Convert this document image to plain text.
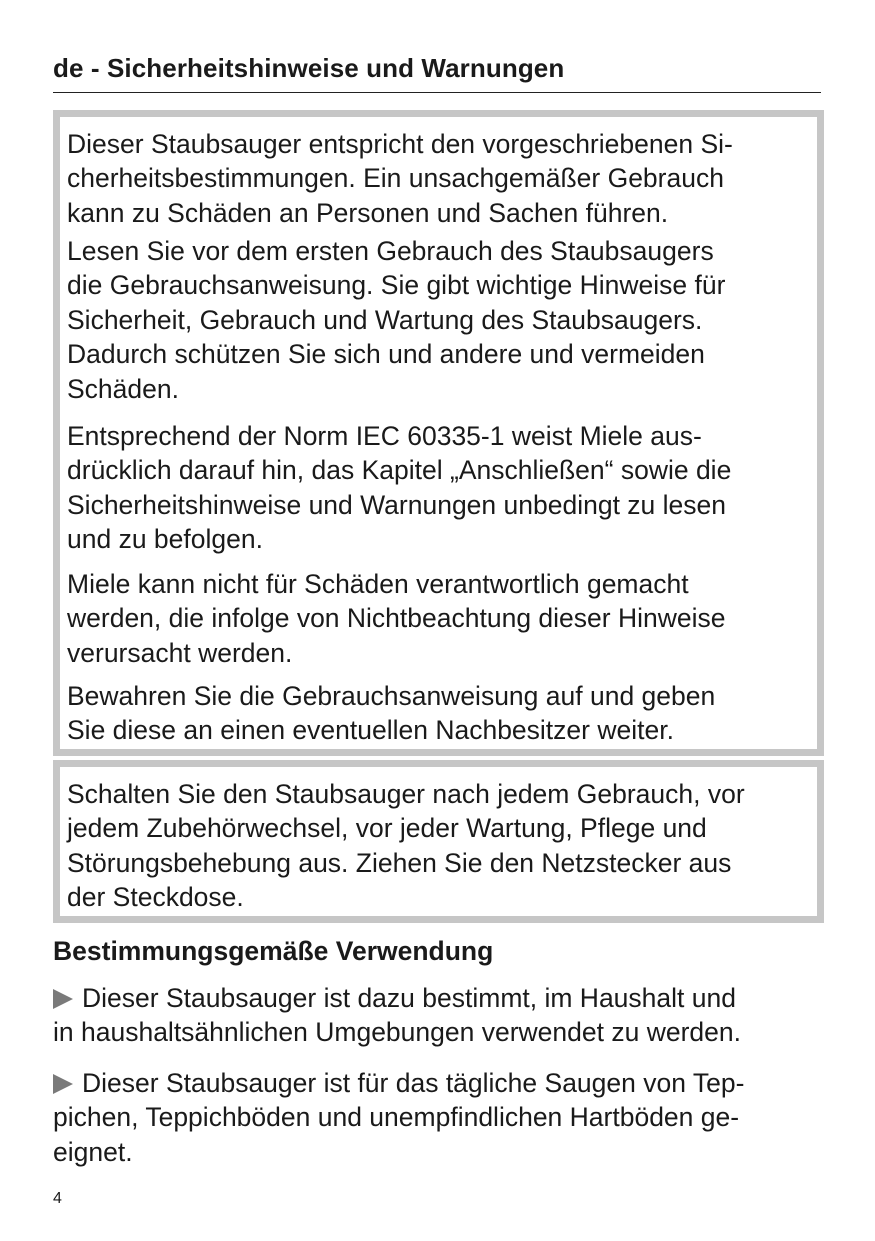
de - Sicherheitshinweise und Warnungen

Dieser Staubsauger entspricht den vorgeschriebenen Si-
cherheitsbestimmungen. Ein unsachgemäßer Gebrauch
kann zu Schäden an Personen und Sachen führen.

Lesen Sie vor dem ersten Gebrauch des Staubsaugers
die Gebrauchsanweisung. Sie gibt wichtige Hinweise für
Sicherheit, Gebrauch und Wartung des Staubsaugers.
Dadurch schützen Sie sich und andere und vermeiden
Schäden.

Entsprechend der Norm IEC 60335-1 weist Miele aus-
drücklich darauf hin, das Kapitel „Anschließen“ sowie die
Sicherheitshinweise und Warnungen unbedingt zu lesen
und zu befolgen.

Miele kann nicht für Schäden verantwortlich gemacht
werden, die infolge von Nichtbeachtung dieser Hinweise
verursacht werden.

Bewahren Sie die Gebrauchsanweisung auf und geben
Sie diese an einen eventuellen Nachbesitzer weiter.

Schalten Sie den Staubsauger nach jedem Gebrauch, vor
jedem Zubehörwechsel, vor jeder Wartung, Pflege und
Störungsbehebung aus. Ziehen Sie den Netzstecker aus
der Steckdose.

Bestimmungsgemäße Verwendung

Dieser Staubsauger ist dazu bestimmt, im Haushalt und
in haushaltsähnlichen Umgebungen verwendet zu werden.

Dieser Staubsauger ist für das tägliche Saugen von Tep-
pichen, Teppichböden und unempfindlichen Hartböden ge-
eignet.

4
